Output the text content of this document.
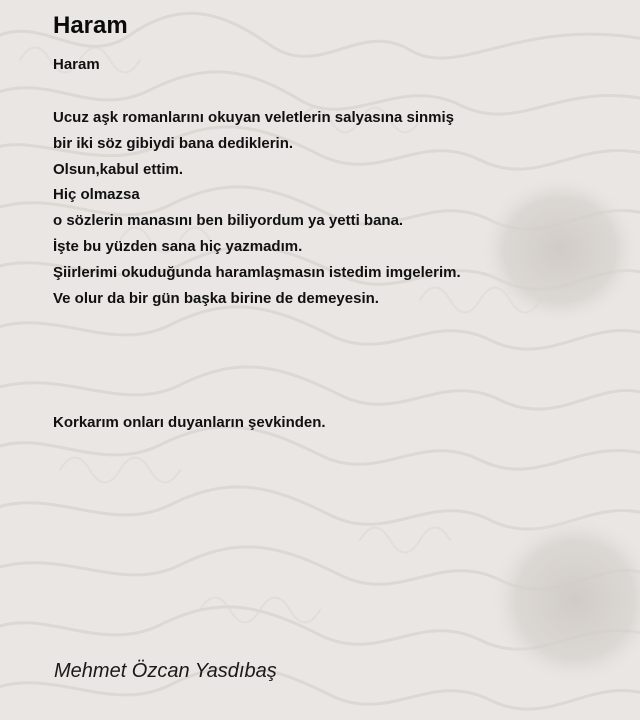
Haram
Haram
Ucuz aşk romanlarını okuyan veletlerin salyasına sinmiş
bir iki söz gibiydi bana dediklerin.
Olsun,kabul ettim.
Hiç olmazsa
o sözlerin manasını ben biliyordum ya yetti bana.
İşte bu yüzden sana hiç yazmadım.
Şiirlerimi okuduğunda haramlaşmasın istedim imgelerim.
Ve olur da bir gün başka birine de demeyesin.
Korkarım onları duyanların şevkinden.
Mehmet Özcan Yasdıbaş
